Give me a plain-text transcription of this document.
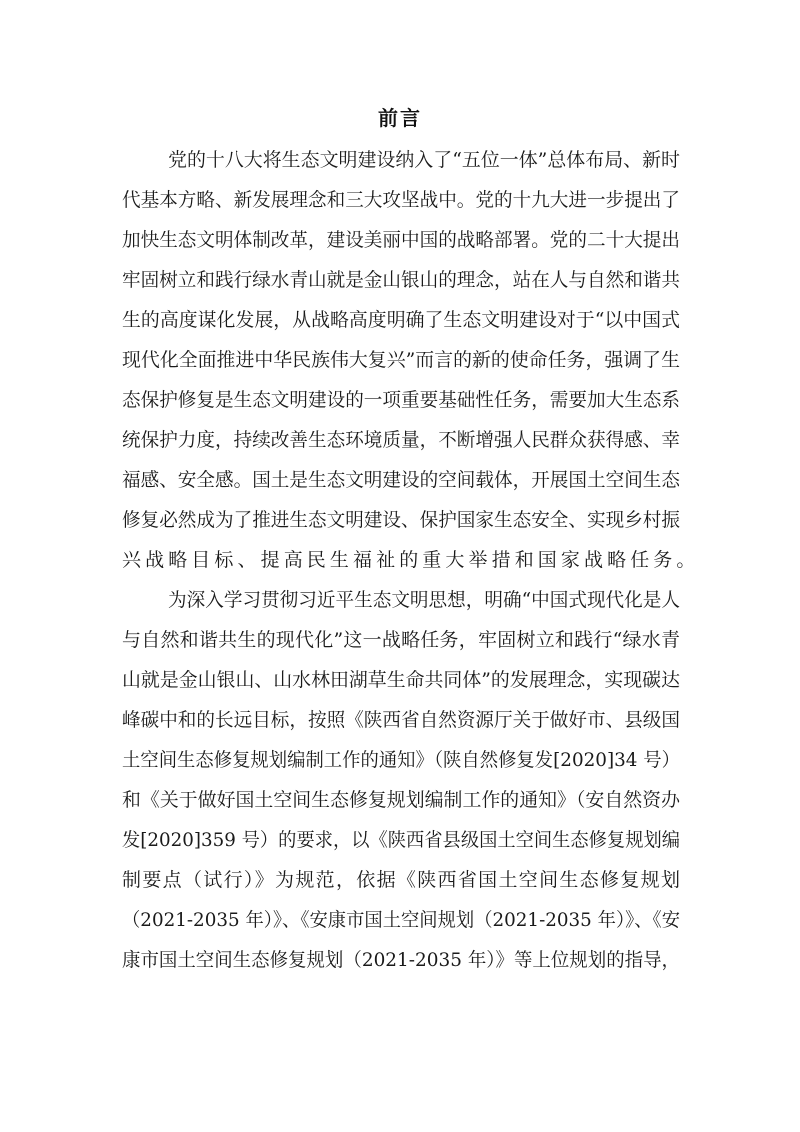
前言
党的十八大将生态文明建设纳入了“五位一体”总体布局、新时
代基本方略、新发展理念和三大攻坚战中。党的十九大进一步提出了
加快生态文明体制改革，建设美丽中国的战略部署。党的二十大提出
牢固树立和践行绿水青山就是金山银山的理念，站在人与自然和谐共
生的高度谋化发展，从战略高度明确了生态文明建设对于“以中国式
现代化全面推进中华民族伟大复兴”而言的新的使命任务，强调了生
态保护修复是生态文明建设的一项重要基础性任务，需要加大生态系
统保护力度，持续改善生态环境质量，不断增强人民群众获得感、幸
福感、安全感。国土是生态文明建设的空间载体，开展国土空间生态
修复必然成为了推进生态文明建设、保护国家生态安全、实现乡村振
兴战略目标、提高民生福祉的重大举措和国家战略任务。
为深入学习贯彻习近平生态文明思想，明确“中国式现代化是人
与自然和谐共生的现代化”这一战略任务，牢固树立和践行“绿水青
山就是金山银山、山水林田湖草生命共同体”的发展理念，实现碳达
峰碳中和的长远目标，按照《陕西省自然资源厅关于做好市、县级国
土空间生态修复规划编制工作的通知》（陕自然修复发[2020]34 号）
和《关于做好国土空间生态修复规划编制工作的通知》（安自然资办
发[2020]359 号）的要求，以《陕西省县级国土空间生态修复规划编
制要点（试行）》为规范，依据《陕西省国土空间生态修复规划
（2021-2035 年）》、《安康市国土空间规划（2021-2035 年）》、《安
康市国土空间生态修复规划（2021-2035 年）》等上位规划的指导，
